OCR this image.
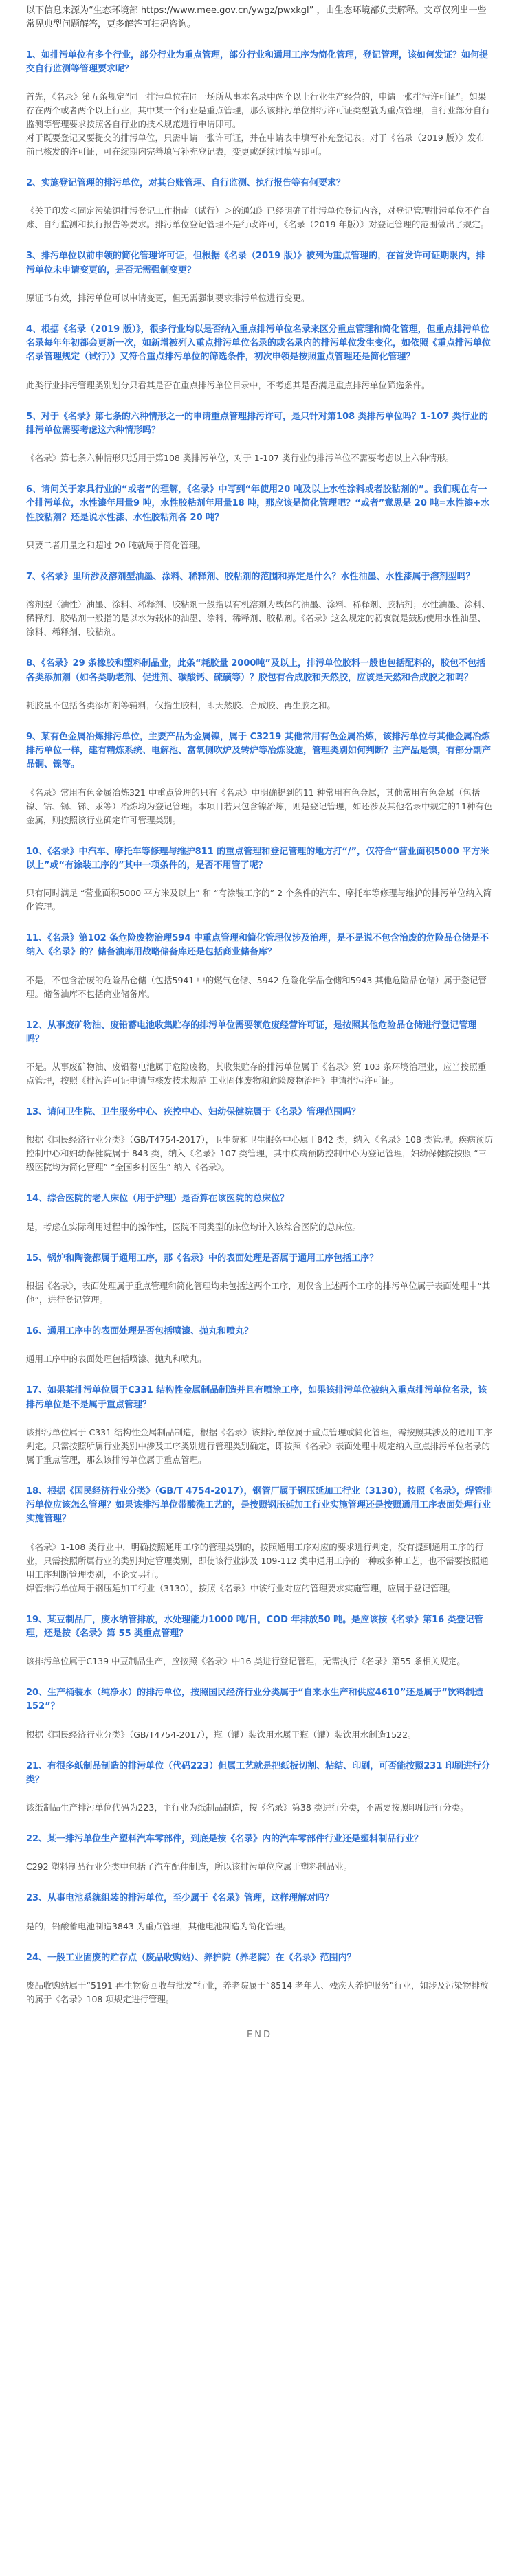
以下信息来源为“生态环境部 https://www.mee.gov.cn/ywgz/pwxkgl” ，由生态环境部负责解释。文章仅列出一些常见典型问题解答，更多解答可扫码咨询。

1、如排污单位有多个行业，部分行业为重点管理，部分行业和通用工序为简化管理，登记管理，该如何发证？如何提交自行监测等管理要求呢？

首先，《名录》第五条规定“同一排污单位在同一场所从事本名录中两个以上行业生产经营的，申请一张排污许可证”。如果存在两个或者两个以上行业，其中某一个行业是重点管理，那么该排污单位排污许可证类型就为重点管理，自行业部分自行监测等管理要求按照各自行业的技术规范进行申请即可。
对于既要登记又要提交的排污单位，只需申请一张许可证，并在申请表中填写补充登记表。对于《名录（2019 版）》发布前已核发的许可证，可在续期内完善填写补充登记表，变更或延续时填写即可。

2、实施登记管理的排污单位，对其台账管理、自行监测、执行报告等有何要求？

《关于印发＜固定污染源排污登记工作指南（试行）＞的通知》已经明确了排污单位登记内容，对登记管理排污单位不作台账、自行监测和执行报告等要求。排污单位登记管理不是行政许可，《名录（2019 年版）》对登记管理的范围做出了规定。

3、排污单位以前申领的简化管理许可证，但根据《名录（2019 版）》被列为重点管理的，在首发许可证期限内，排污单位未申请变更的，是否无需强制变更？

原证书有效，排污单位可以申请变更，但无需强制要求排污单位进行变更。

4、根据《名录（2019 版）》，很多行业均以是否纳入重点排污单位名录来区分重点管理和简化管理，但重点排污单位名录每年年初都会更新一次，如新增被列入重点排污单位名录的或名录内的排污单位发生变化，如依照《重点排污单位名录管理规定（试行）》又符合重点排污单位的筛选条件，初次申领是按照重点管理还是简化管理？

此类行业排污管理类别划分只看其是否在重点排污单位目录中，不考虑其是否满足重点排污单位筛选条件。

5、对于《名录》第七条的六种情形之一的申请重点管理排污许可，是只针对第108 类排污单位吗？1-107 类行业的排污单位需要考虑这六种情形吗？

《名录》第七条六种情形只适用于第108 类排污单位，对于 1-107 类行业的排污单位不需要考虑以上六种情形。

6、请问关于家具行业的“或者”的理解，《名录》中写到“年使用20 吨及以上水性涂料或者胶粘剂的”。我们现在有一个排污单位，水性漆年用量9 吨，水性胶粘剂年用量18 吨，那应该是简化管理吧？“或者”意思是 20 吨=水性漆+水性胶粘剂？还是说水性漆、水性胶粘剂各 20 吨？

只要二者用量之和超过 20 吨就属于简化管理。

7、《名录》里所涉及溶剂型油墨、涂料、稀释剂、胶粘剂的范围和界定是什么？水性油墨、水性漆属于溶剂型吗？

溶剂型（油性）油墨、涂料、稀释剂、胶粘剂一般指以有机溶剂为载体的油墨、涂料、稀释剂、胶粘剂；水性油墨、涂料、稀释剂、胶粘剂一般指的是以水为载体的油墨、涂料、稀释剂、胶粘剂。《名录》这么规定的初衷就是鼓励使用水性油墨、涂料、稀释剂、胶粘剂。

8、《名录》29 条橡胶和塑料制品业，此条“耗胶量 2000吨”及以上，排污单位胶料一般也包括配料的，胶包不包括各类添加剂（如各类助老剂、促进剂、碳酸钙、硫磺等）？胶包有合成胶和天然胶，应该是天然和合成胶之和吗？

耗胶量不包括各类添加剂等辅料，仅指生胶料，即天然胶、合成胶、再生胶之和。

9、某有色金属冶炼排污单位，主要产品为金属镍，属于 C3219 其他常用有色金属冶炼，该排污单位与其他金属冶炼排污单位一样，建有精炼系统、电解池、富氧侧吹炉及转炉等冶炼设施，管理类别如何判断？主产品是镍，有部分副产品铜、镍等。

《名录》常用有色金属冶炼321 中重点管理的只有《名录》中明确提到的11 种常用有色金属，其他常用有色金属（包括镍、钴、锡、锑、汞等）冶炼均为登记管理。本项目若只包含镍冶炼，则是登记管理，如还涉及其他名录中规定的11种有色金属，则按照该行业确定许可管理类别。

10、《名录》中汽车、摩托车等修理与维护811 的重点管理和登记管理的地方打“/”，仅符合“营业面积5000 平方米以上”或“有涂装工序的”其中一项条件的，是否不用管了呢？

只有同时满足 “营业面积5000 平方米及以上” 和 “有涂装工序的” 2 个条件的汽车、摩托车等修理与维护的排污单位纳入简化管理。

11、《名录》第102 条危险废物治理594 中重点管理和简化管理仅涉及治理，是不是说不包含治废的危险品仓储是不纳入《名录》的？储备油库用战略储备库还是包括商业储备库？

不是，不包含治废的危险品仓储（包括5941 中的燃气仓储、5942 危险化学品仓储和5943 其他危险品仓储）属于登记管理。储备油库不包括商业储备库。

12、从事废矿物油、废铅蓄电池收集贮存的排污单位需要领危废经营许可证，是按照其他危险品仓储进行登记管理吗？

不是。从事废矿物油、废铅蓄电池属于危险废物，其收集贮存的排污单位属于《名录》第 103 条环境治理业，应当按照重点管理，按照《排污许可证申请与核发技术规范 工业固体废物和危险废物治理》申请排污许可证。

13、请问卫生院、卫生服务中心、疾控中心、妇幼保健院属于《名录》管理范围吗？

根据《国民经济行业分类》（GB/T4754-2017），卫生院和卫生服务中心属于842 类，纳入《名录》108 类管理。疾病预防控制中心和妇幼保健院属于 843 类，纳入《名录》107 类管理，其中疾病预防控制中心为登记管理，妇幼保健院按照 “三级医院均为简化管理” “全国乡村医生” 纳入《名录》。

14、综合医院的老人床位（用于护理）是否算在该医院的总床位？

是，考虑在实际利用过程中的操作性，医院不同类型的床位均计入该综合医院的总床位。

15、锅炉和陶瓷都属于通用工序，那《名录》中的表面处理是否属于通用工序包括工序？

根据《名录》，表面处理属于重点管理和简化管理均未包括这两个工序，则仅含上述两个工序的排污单位属于表面处理中“其他”，进行登记管理。

16、通用工序中的表面处理是否包括喷漆、抛丸和喷丸？

通用工序中的表面处理包括喷漆、抛丸和喷丸。

17、如果某排污单位属于C331 结构性金属制品制造并且有喷涂工序，如果该排污单位被纳入重点排污单位名录，该排污单位是不是属于重点管理？

该排污单位属于 C331 结构性金属制品制造，根据《名录》该排污单位属于重点管理或简化管理，需按照其涉及的通用工序判定。只需按照所属行业类别中涉及工序类别进行管理类别确定，即按照《名录》表面处理中规定纳入重点排污单位名录的属于重点管理，那么该排污单位属于重点管理。

18、根据《国民经济行业分类》（GB/T 4754-2017），钢管厂属于钢压延加工行业（3130），按照《名录》，焊管排污单位应该怎么管理？如果该排污单位带酸洗工艺的，是按照钢压延加工行业实施管理还是按照通用工序表面处理行业实施管理？

《名录》1-108 类行业中，明确按照通用工序的管理类别的，按照通用工序对应的要求进行判定，没有提到通用工序的行业，只需按照所属行业的类别判定管理类别，即使该行业涉及 109-112 类中通用工序的一种或多种工艺，也不需要按照通用工序判断管理类别，不论文另行。
焊管排污单位属于钢压延加工行业（3130），按照《名录》中该行业对应的管理要求实施管理，应属于登记管理。

19、某豆制品厂，废水纳管排放，水处理能力1000 吨/日，COD 年排放50 吨。是应该按《名录》第16 类登记管理，还是按《名录》第 55 类重点管理？

该排污单位属于C139 中豆制品生产，应按照《名录》中16 类进行登记管理，无需执行《名录》第55 条相关规定。

20、生产桶装水（纯净水）的排污单位，按照国民经济行业分类属于“自来水生产和供应4610”还是属于“饮料制造 152”？

根据《国民经济行业分类》（GB/T4754-2017），瓶（罐）装饮用水属于瓶（罐）装饮用水制造1522。

21、有很多纸制品制造的排污单位（代码223）但属工艺就是把纸板切割、粘结、印刷，可否能按照231 印刷进行分类？

该纸制品生产排污单位代码为223，主行业为纸制品制造，按《名录》第38 类进行分类，不需要按照印刷进行分类。

22、某一排污单位生产塑料汽车零部件，到底是按《名录》内的汽车零部件行业还是塑料制品行业？

C292 塑料制品行业分类中包括了汽车配件制造，所以该排污单位应属于塑料制品业。

23、从事电池系统组装的排污单位，至少属于《名录》管理，这样理解对吗？

是的，铅酸蓄电池制造3843 为重点管理，其他电池制造为简化管理。

24、一般工业固废的贮存点（废品收购站）、养护院（养老院）在《名录》范围内？

废品收购站属于“5191 再生物资回收与批发”行业，养老院属于“8514 老年人、残疾人养护服务”行业，如涉及污染物排放的属于《名录》108 项规定进行管理。

—— END ——
